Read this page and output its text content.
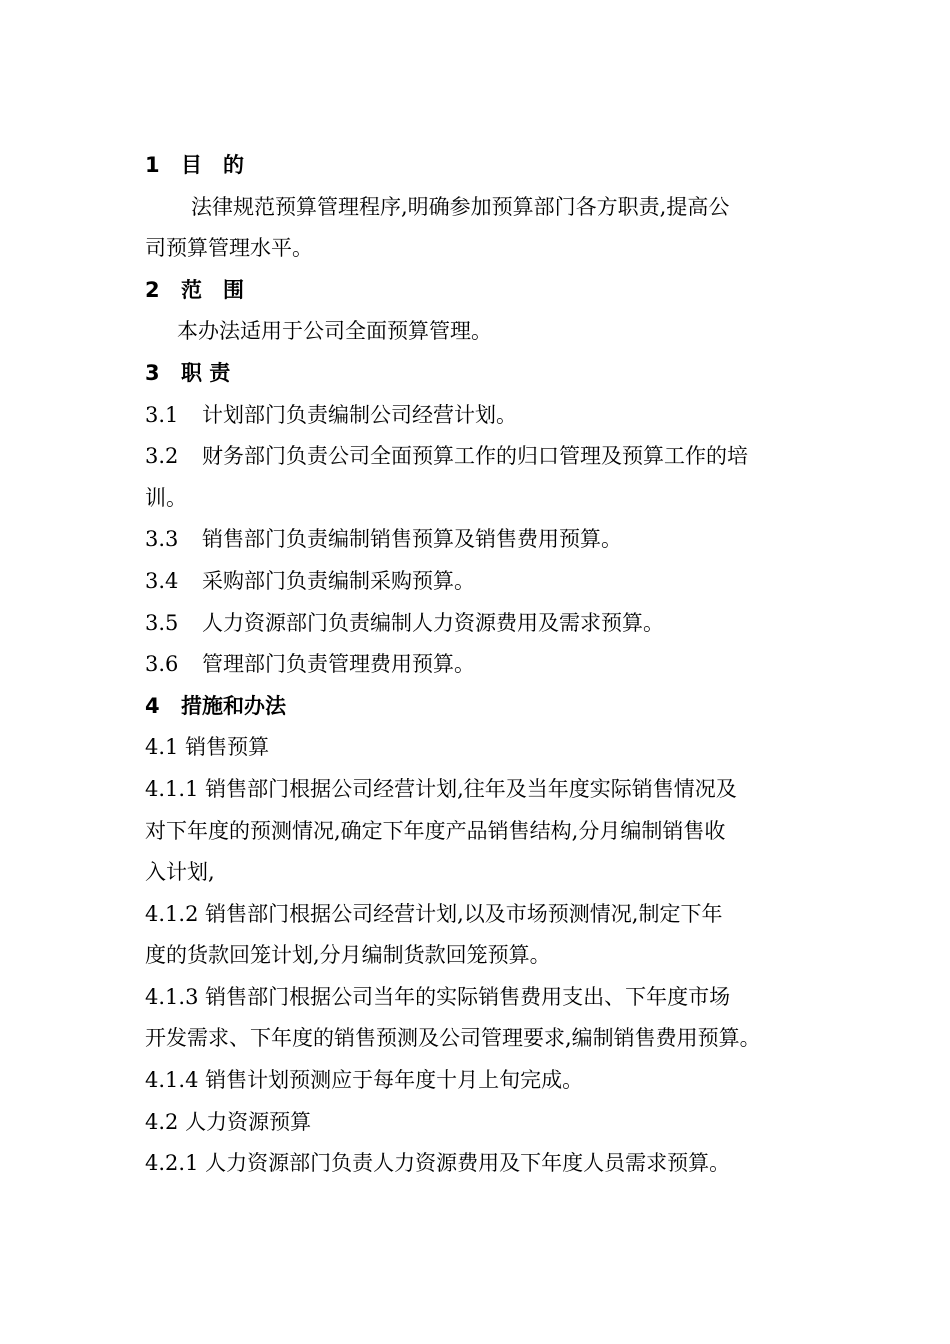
1 目　的
法律规范预算管理程序,明确参加预算部门各方职责,提高公
司预算管理水平。
2 范　围
本办法适用于公司全面预算管理。
3 职 责
3.1 计划部门负责编制公司经营计划。
3.2 财务部门负责公司全面预算工作的归口管理及预算工作的培
训。
3.3 销售部门负责编制销售预算及销售费用预算。
3.4 采购部门负责编制采购预算。
3.5 人力资源部门负责编制人力资源费用及需求预算。
3.6 管理部门负责管理费用预算。
4 措施和办法
4.1 销售预算
4.1.1 销售部门根据公司经营计划,往年及当年度实际销售情况及
对下年度的预测情况,确定下年度产品销售结构,分月编制销售收
入计划,
4.1.2 销售部门根据公司经营计划,以及市场预测情况,制定下年
度的货款回笼计划,分月编制货款回笼预算。
4.1.3 销售部门根据公司当年的实际销售费用支出、下年度市场
开发需求、下年度的销售预测及公司管理要求,编制销售费用预算。
4.1.4 销售计划预测应于每年度十月上旬完成。
4.2 人力资源预算
4.2.1 人力资源部门负责人力资源费用及下年度人员需求预算。
